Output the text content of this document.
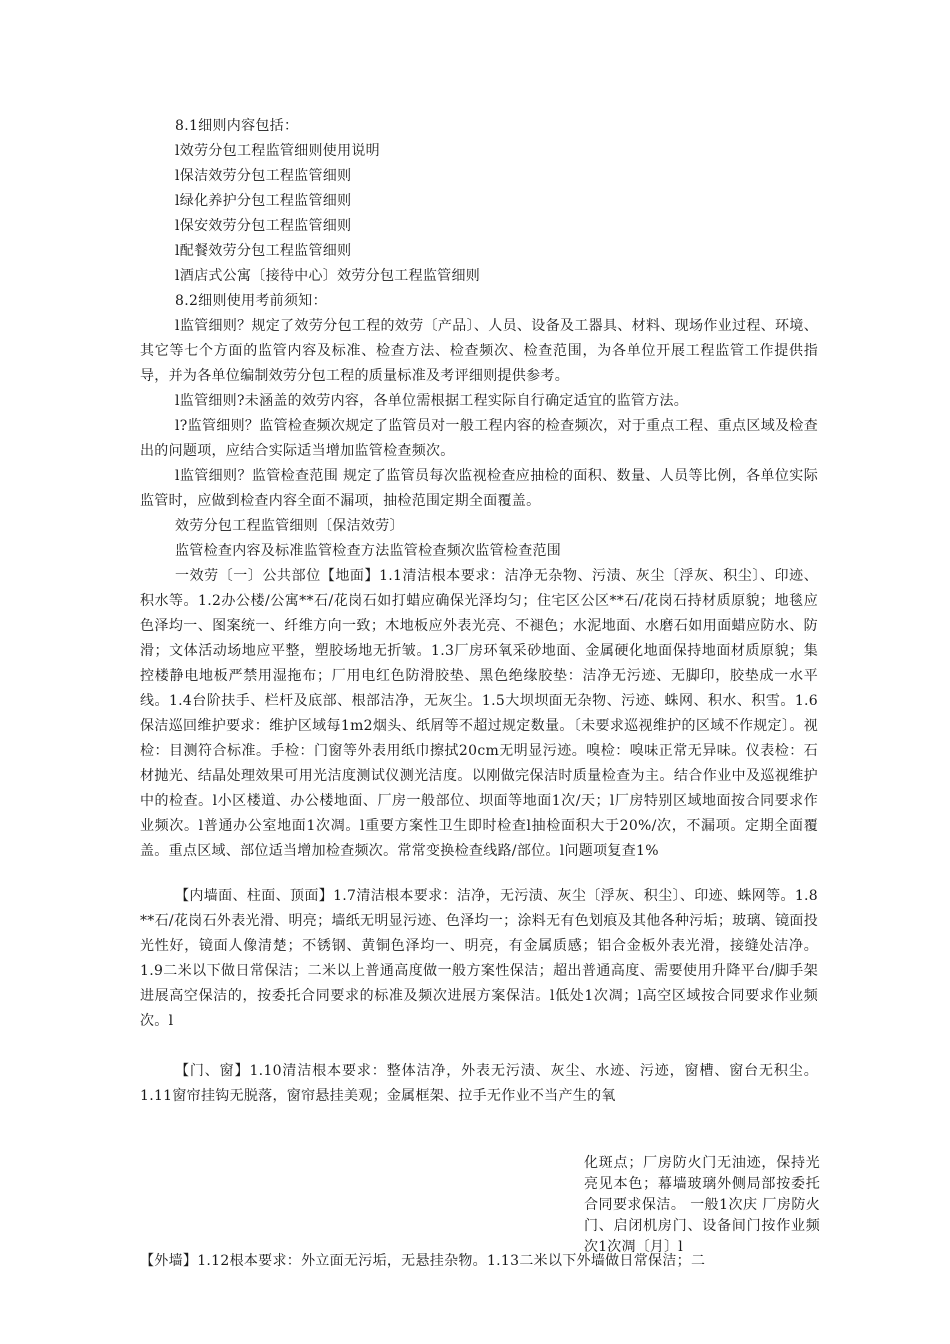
8.1细则内容包括：
l效劳分包工程监管细则使用说明
l保洁效劳分包工程监管细则
l绿化养护分包工程监管细则
l保安效劳分包工程监管细则
l配餐效劳分包工程监管细则
l酒店式公寓〔接待中心〕效劳分包工程监管细则
8.2细则使用考前须知：
l监管细则？规定了效劳分包工程的效劳〔产品〕、人员、设备及工器具、材料、现场作业过程、环境、其它等七个方面的监管内容及标准、检查方法、检查频次、检查范围，为各单位开展工程监管工作提供指导，并为各单位编制效劳分包工程的质量标准及考评细则提供参考。
l监管细则?未涵盖的效劳内容，各单位需根据工程实际自行确定适宜的监管方法。
l?监管细则？监管检查频次规定了监管员对一般工程内容的检查频次，对于重点工程、重点区域及检查出的问题项，应结合实际适当增加监管检查频次。
l监管细则？监管检查范围 规定了监管员每次监视检查应抽检的面积、数量、人员等比例，各单位实际监管时，应做到检查内容全面不漏项，抽检范围定期全面覆盖。
效劳分包工程监管细则〔保洁效劳〕
监管检查内容及标准监管检查方法监管检查频次监管检查范围
一效劳〔一〕公共部位【地面】1.1清洁根本要求：洁净无杂物、污渍、灰尘〔浮灰、积尘〕、印迹、积水等。1.2办公楼/公寓**石/花岗石如打蜡应确保光泽均匀；住宅区公区**石/花岗石持材质原貌；地毯应色泽均一、图案统一、纤维方向一致；木地板应外表光亮、不褪色；水泥地面、水磨石如用面蜡应防水、防滑；文体活动场地应平整，塑胶场地无折皱。1.3厂房环氧采砂地面、金属硬化地面保持地面材质原貌；集控楼静电地板严禁用湿拖布；厂用电红色防滑胶垫、黑色绝缘胶垫：洁净无污迹、无脚印，胶垫成一水平线。1.4台阶扶手、栏杆及底部、根部洁净，无灰尘。1.5大坝坝面无杂物、污迹、蛛网、积水、积雪。1.6保洁巡回维护要求：维护区域每1m2烟头、纸屑等不超过规定数量。〔未要求巡视维护的区域不作规定〕。视检：目测符合标准。手检：门窗等外表用纸巾擦拭20cm无明显污迹。嗅检：嗅味正常无异味。仪表检：石材抛光、结晶处理效果可用光洁度测试仪测光洁度。以刚做完保洁时质量检查为主。结合作业中及巡视维护中的检查。l小区楼道、办公楼地面、厂房一般部位、坝面等地面1次/天；l厂房特别区域地面按合同要求作业频次。l普通办公室地面1次凋。l重要方案性卫生即时检查l抽检面积大于20%/次，不漏项。定期全面覆盖。重点区域、部位适当增加检查频次。常常变换检查线路/部位。l问题项复查1%
【内墙面、柱面、顶面】1.7清洁根本要求：洁净，无污渍、灰尘〔浮灰、积尘〕、印迹、蛛网等。1.8 **石/花岗石外表光滑、明亮；墙纸无明显污迹、色泽均一；涂料无有色划痕及其他各种污垢；玻璃、镜面投光性好，镜面人像清楚；不锈钢、黄铜色泽均一、明亮，有金属质感；铝合金板外表光滑，接缝处洁净。1.9二米以下做日常保洁；二米以上普通高度做一般方案性保洁；超出普通高度、需要使用升降平台/脚手架进展高空保洁的，按委托合同要求的标准及频次进展方案保洁。l低处1次凋；l高空区域按合同要求作业频次。l
【门、窗】1.10清洁根本要求：整体洁净，外表无污渍、灰尘、水迹、污迹，窗槽、窗台无积尘。1.11窗帘挂钩无脱落，窗帘悬挂美观；金属框架、拉手无作业不当产生的氧
化斑点；厂房防火门无油迹，保持光亮见本色；幕墙玻璃外侧局部按委托合同要求保洁。 一般1次庆 厂房防火门、启闭机房门、设备间门按作业频次1次凋〔月〕l
【外墙】1.12根本要求：外立面无污垢，无悬挂杂物。1.13二米以下外墙做日常保洁；二
